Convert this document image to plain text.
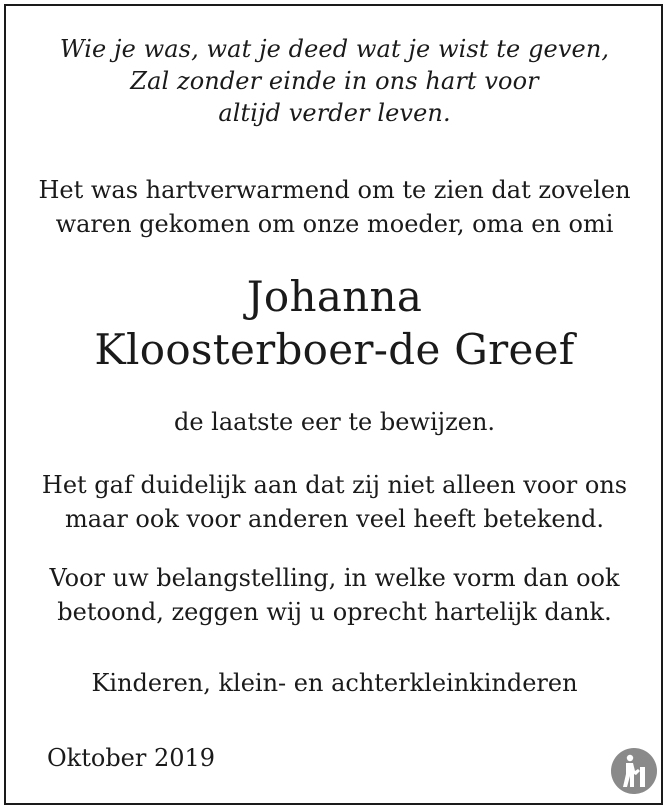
Wie je was, wat je deed wat je wist te geven,
Zal zonder einde in ons hart voor
altijd verder leven.
Het was hartverwarmend om te zien dat zovelen
waren gekomen om onze moeder, oma en omi
Johanna
Kloosterboer-de Greef
de laatste eer te bewijzen.
Het gaf duidelijk aan dat zij niet alleen voor ons
maar ook voor anderen veel heeft betekend.
Voor uw belangstelling, in welke vorm dan ook
betoond, zeggen wij u oprecht hartelijk dank.
Kinderen, klein- en achterkleinkinderen
Oktober 2019
